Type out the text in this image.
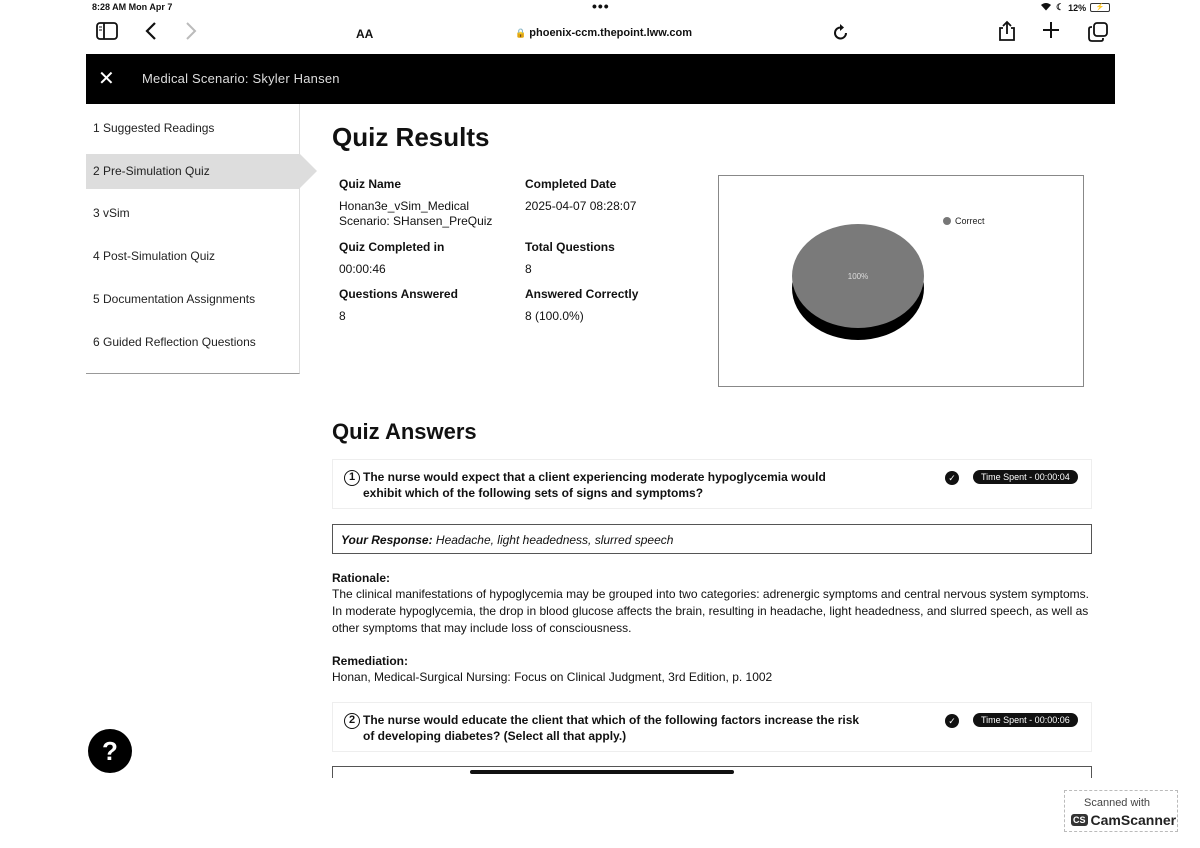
8:28 AM Mon Apr 7	•••	☾ 12%	⚡
AA	🔒 phoenix-ccm.thepoint.lww.com
✕ Medical Scenario: Skyler Hansen
1 Suggested Readings
2 Pre-Simulation Quiz
3 vSim
4 Post-Simulation Quiz
5 Documentation Assignments
6 Guided Reflection Questions
Quiz Results
Quiz Name
Honan3e_vSim_Medical Scenario: SHansen_PreQuiz
Completed Date
2025-04-07 08:28:07
Quiz Completed in
00:00:46
Total Questions
8
Questions Answered
8
Answered Correctly
8 (100.0%)
100%
Correct
Quiz Answers
1 The nurse would expect that a client experiencing moderate hypoglycemia would exhibit which of the following sets of signs and symptoms?
✓	Time Spent - 00:00:04
Your Response: Headache, light headedness, slurred speech
Rationale:
The clinical manifestations of hypoglycemia may be grouped into two categories: adrenergic symptoms and central nervous system symptoms. In moderate hypoglycemia, the drop in blood glucose affects the brain, resulting in headache, light headedness, and slurred speech, as well as other symptoms that may include loss of consciousness.
Remediation:
Honan, Medical-Surgical Nursing: Focus on Clinical Judgment, 3rd Edition, p. 1002
2 The nurse would educate the client that which of the following factors increase the risk of developing diabetes? (Select all that apply.)
✓	Time Spent - 00:00:06
?
Scanned with
CS CamScanner
